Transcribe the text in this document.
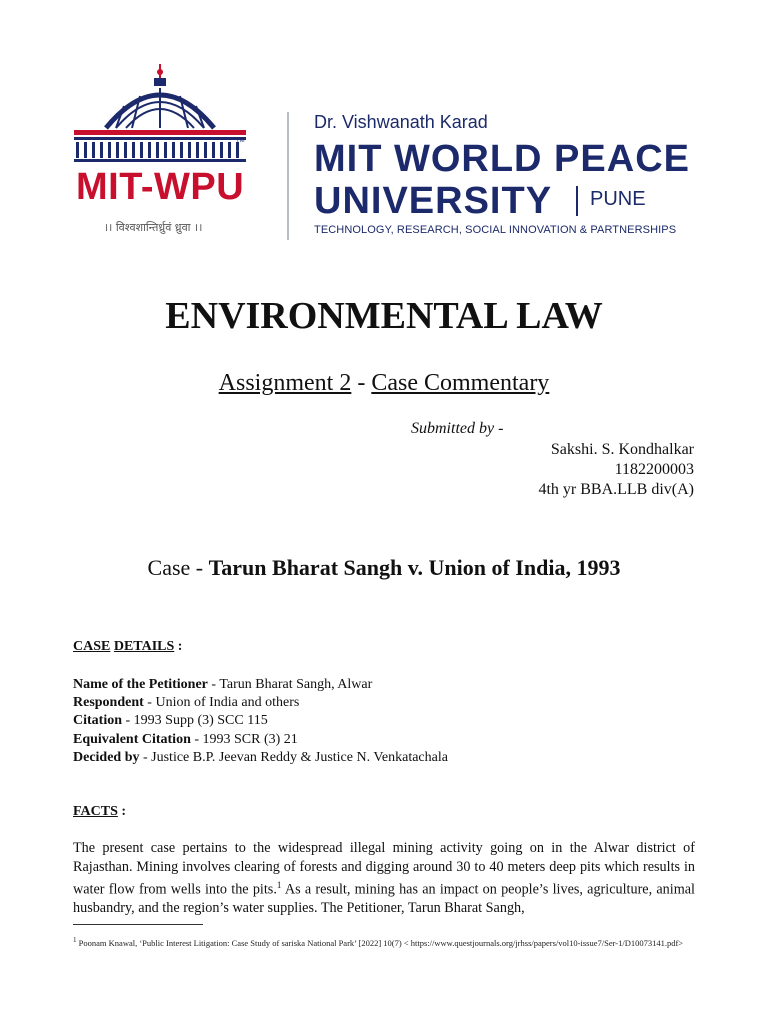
TM
MIT-WPU
।। विश्वशान्तिर्ध्रुवं ध्रुवा ।।
Dr. Vishwanath Karad
MIT WORLD PEACE
UNIVERSITY PUNE
TECHNOLOGY, RESEARCH, SOCIAL INNOVATION & PARTNERSHIPS
ENVIRONMENTAL LAW
Assignment 2 - Case Commentary
Submitted by -
Sakshi. S. Kondhalkar
1182200003
4th yr BBA.LLB div(A)
Case - Tarun Bharat Sangh v. Union of India, 1993
CASE DETAILS :
Name of the Petitioner - Tarun Bharat Sangh, Alwar
Respondent - Union of India and others
Citation - 1993 Supp (3) SCC 115
Equivalent Citation - 1993 SCR (3) 21
Decided by - Justice B.P. Jeevan Reddy & Justice N. Venkatachala
FACTS :
The present case pertains to the widespread illegal mining activity going on in the Alwar district of Rajasthan. Mining involves clearing of forests and digging around 30 to 40 meters deep pits which results in water flow from wells into the pits.$^1$ As a result, mining has an impact on people’s lives, agriculture, animal husbandry, and the region’s water supplies. The Petitioner, Tarun Bharat Sangh,
$^1$ Poonam Knawal, ‘Public Interest Litigation: Case Study of sariska National Park’ [2022] 10(7) < https://www.questjournals.org/jrhss/papers/vol10-issue7/Ser-1/D10073141.pdf>
